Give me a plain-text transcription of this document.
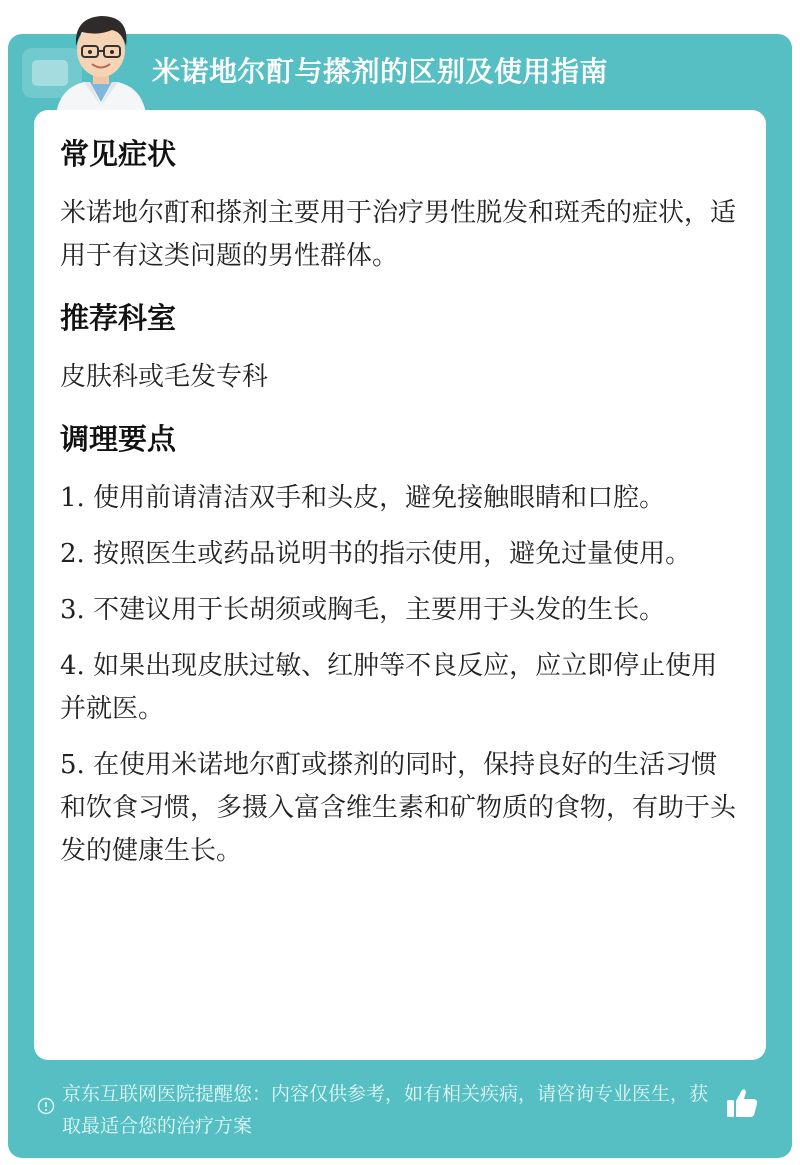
米诺地尔酊与搽剂的区别及使用指南
常见症状
米诺地尔酊和搽剂主要用于治疗男性脱发和斑秃的症状，适用于有这类问题的男性群体。
推荐科室
皮肤科或毛发专科
调理要点
1. 使用前请清洁双手和头皮，避免接触眼睛和口腔。
2. 按照医生或药品说明书的指示使用，避免过量使用。
3. 不建议用于长胡须或胸毛，主要用于头发的生长。
4. 如果出现皮肤过敏、红肿等不良反应，应立即停止使用并就医。
5. 在使用米诺地尔酊或搽剂的同时，保持良好的生活习惯和饮食习惯，多摄入富含维生素和矿物质的食物，有助于头发的健康生长。
京东互联网医院提醒您：内容仅供参考，如有相关疾病，请咨询专业医生，获取最适合您的治疗方案
